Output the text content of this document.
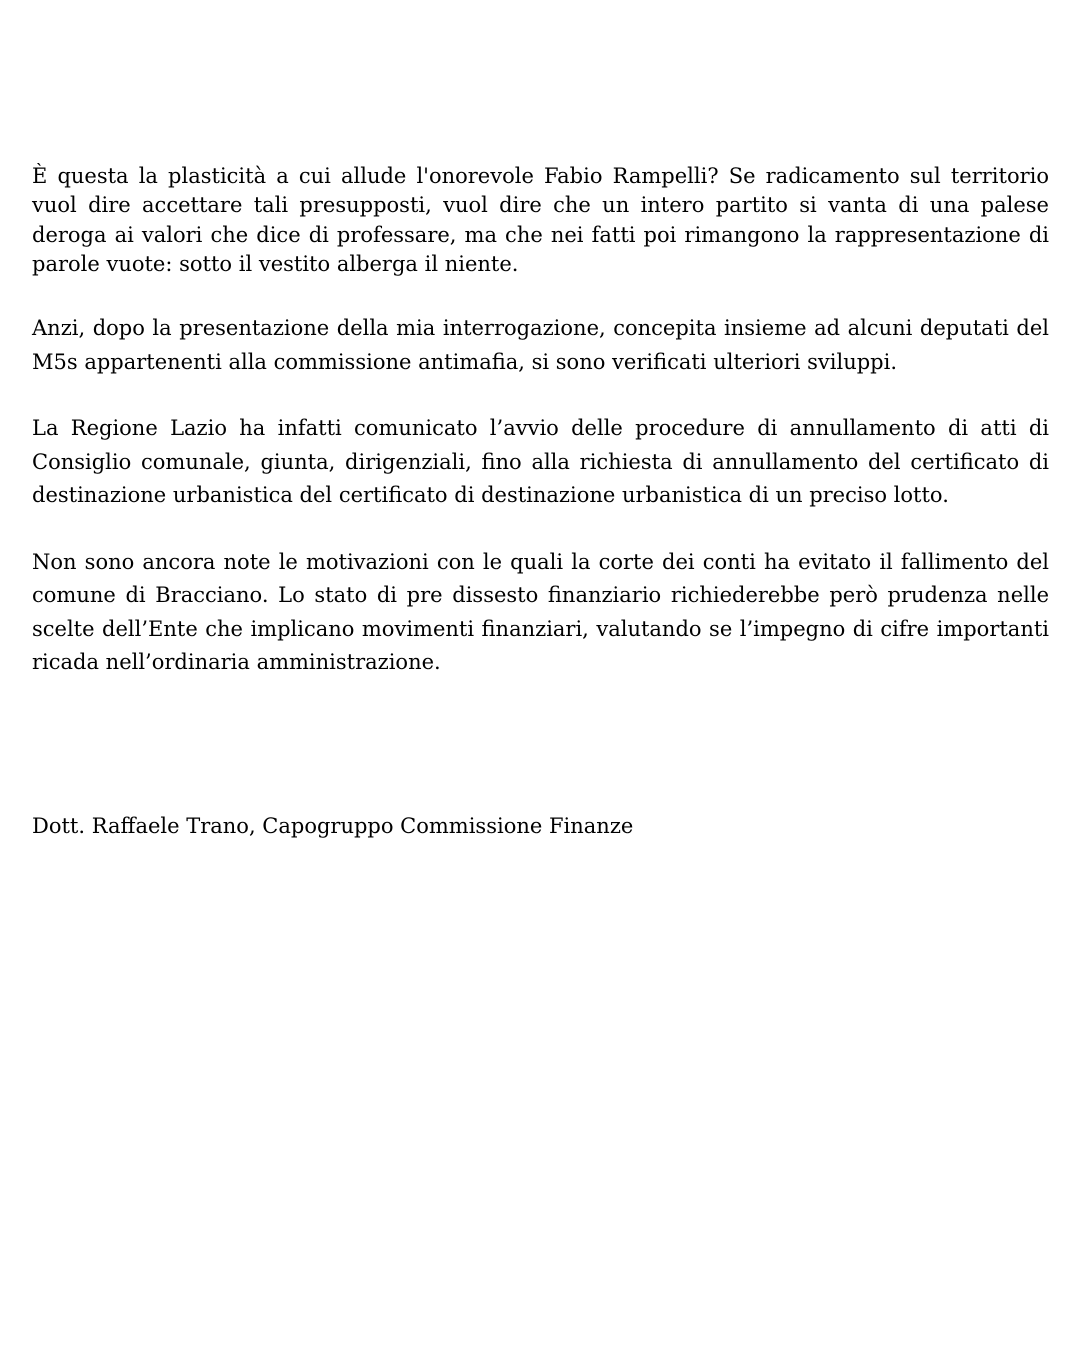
È questa la plasticità a cui allude l'onorevole Fabio Rampelli? Se radicamento sul territorio vuol dire accettare tali presupposti, vuol dire che un intero partito si vanta di una palese deroga ai valori che dice di professare, ma che nei fatti poi rimangono la rappresentazione di parole vuote: sotto il vestito alberga il niente.

Anzi, dopo la presentazione della mia interrogazione, concepita insieme ad alcuni deputati del M5s appartenenti alla commissione antimafia, si sono verificati ulteriori sviluppi.

La Regione Lazio ha infatti comunicato l’avvio delle procedure di annullamento di atti di Consiglio comunale, giunta, dirigenziali, fino alla richiesta di annullamento del certificato di destinazione urbanistica del certificato di destinazione urbanistica di un preciso lotto.

Non sono ancora note le motivazioni con le quali la corte dei conti ha evitato il fallimento del comune di Bracciano. Lo stato di pre dissesto finanziario richiederebbe però prudenza nelle scelte dell’Ente che implicano movimenti finanziari, valutando se l’impegno di cifre importanti ricada nell’ordinaria amministrazione.

Dott. Raffaele Trano, Capogruppo Commissione Finanze
